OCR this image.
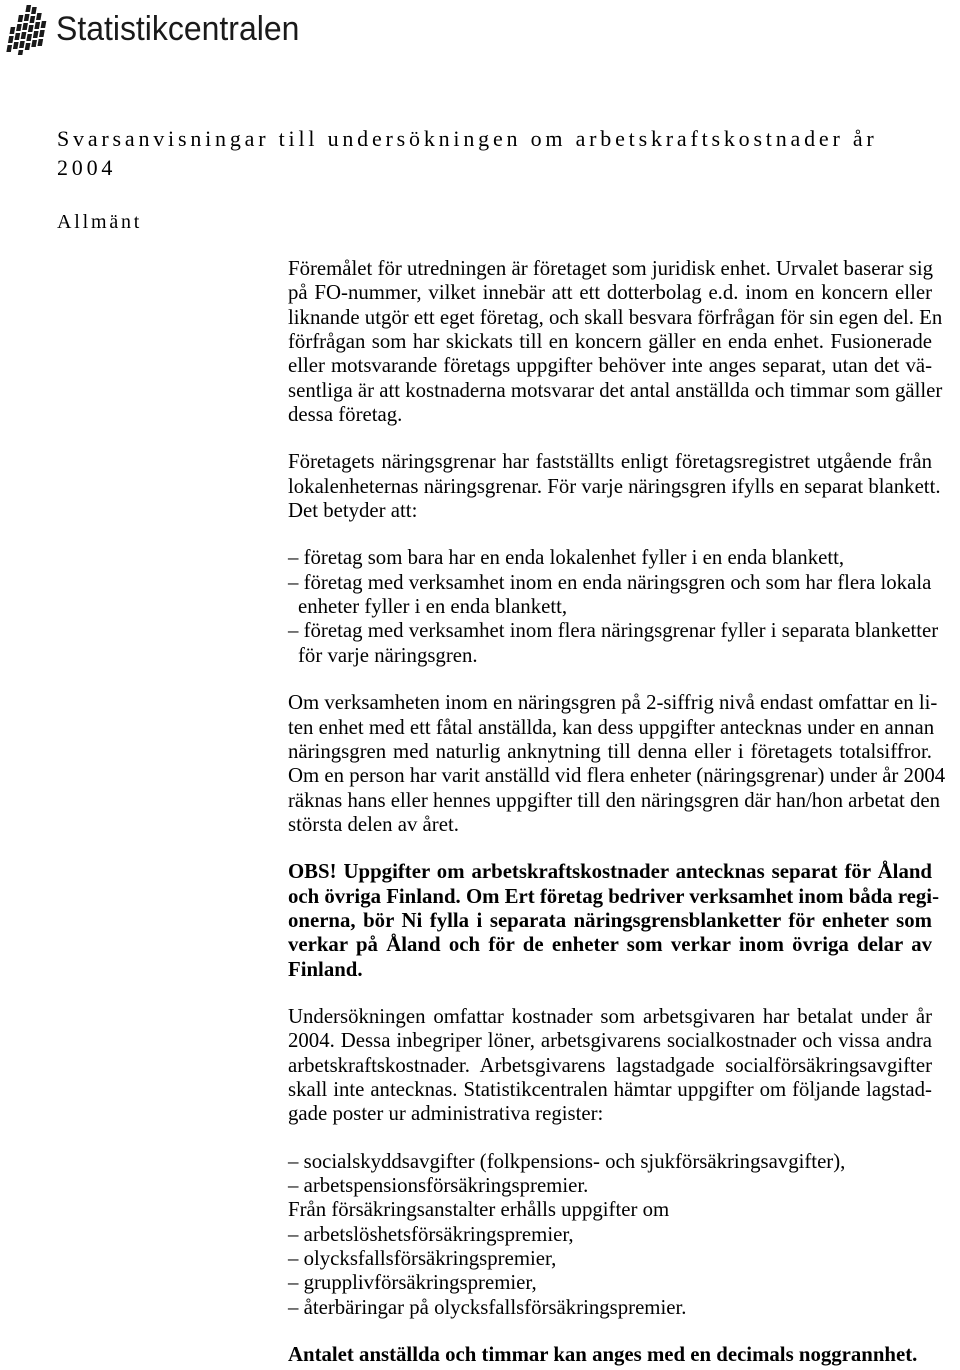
Statistikcentralen
Svarsanvisningar till undersökningen om arbetskraftskostnader år
2004
Allmänt
Föremålet för utredningen är företaget som juridisk enhet. Urvalet baserar sig
på FO-nummer, vilket innebär att ett dotterbolag e.d. inom en koncern eller
liknande utgör ett eget företag, och skall besvara förfrågan för sin egen del. En
förfrågan som har skickats till en koncern gäller en enda enhet. Fusionerade
eller motsvarande företags uppgifter behöver inte anges separat, utan det vä-
sentliga är att kostnaderna motsvarar det antal anställda och timmar som gäller
dessa företag.
Företagets näringsgrenar har fastställts enligt företagsregistret utgående från
lokalenheternas näringsgrenar. För varje näringsgren ifylls en separat blankett.
Det betyder att:
– företag som bara har en enda lokalenhet fyller i en enda blankett,
– företag med verksamhet inom en enda näringsgren och som har flera lokala
enheter fyller i en enda blankett,
– företag med verksamhet inom flera näringsgrenar fyller i separata blanketter
för varje näringsgren.
Om verksamheten inom en näringsgren på 2-siffrig nivå endast omfattar en li-
ten enhet med ett fåtal anställda, kan dess uppgifter antecknas under en annan
näringsgren med naturlig anknytning till denna eller i företagets totalsiffror.
Om en person har varit anställd vid flera enheter (näringsgrenar) under år 2004
räknas hans eller hennes uppgifter till den näringsgren där han/hon arbetat den
största delen av året.
OBS! Uppgifter om arbetskraftskostnader antecknas separat för Åland
och övriga Finland. Om Ert företag bedriver verksamhet inom båda regi-
onerna, bör Ni fylla i separata näringsgrensblanketter för enheter som
verkar på Åland och för de enheter som verkar inom övriga delar av
Finland.
Undersökningen omfattar kostnader som arbetsgivaren har betalat under år
2004. Dessa inbegriper löner, arbetsgivarens socialkostnader och vissa andra
arbetskraftskostnader. Arbetsgivarens lagstadgade socialförsäkringsavgifter
skall inte antecknas. Statistikcentralen hämtar uppgifter om följande lagstad-
gade poster ur administrativa register:
– socialskyddsavgifter (folkpensions- och sjukförsäkringsavgifter),
– arbetspensionsförsäkringspremier.
Från försäkringsanstalter erhålls uppgifter om
– arbetslöshetsförsäkringspremier,
– olycksfallsförsäkringspremier,
– grupplivförsäkringspremier,
– återbäringar på olycksfallsförsäkringspremier.
Antalet anställda och timmar kan anges med en decimals noggrannhet.
